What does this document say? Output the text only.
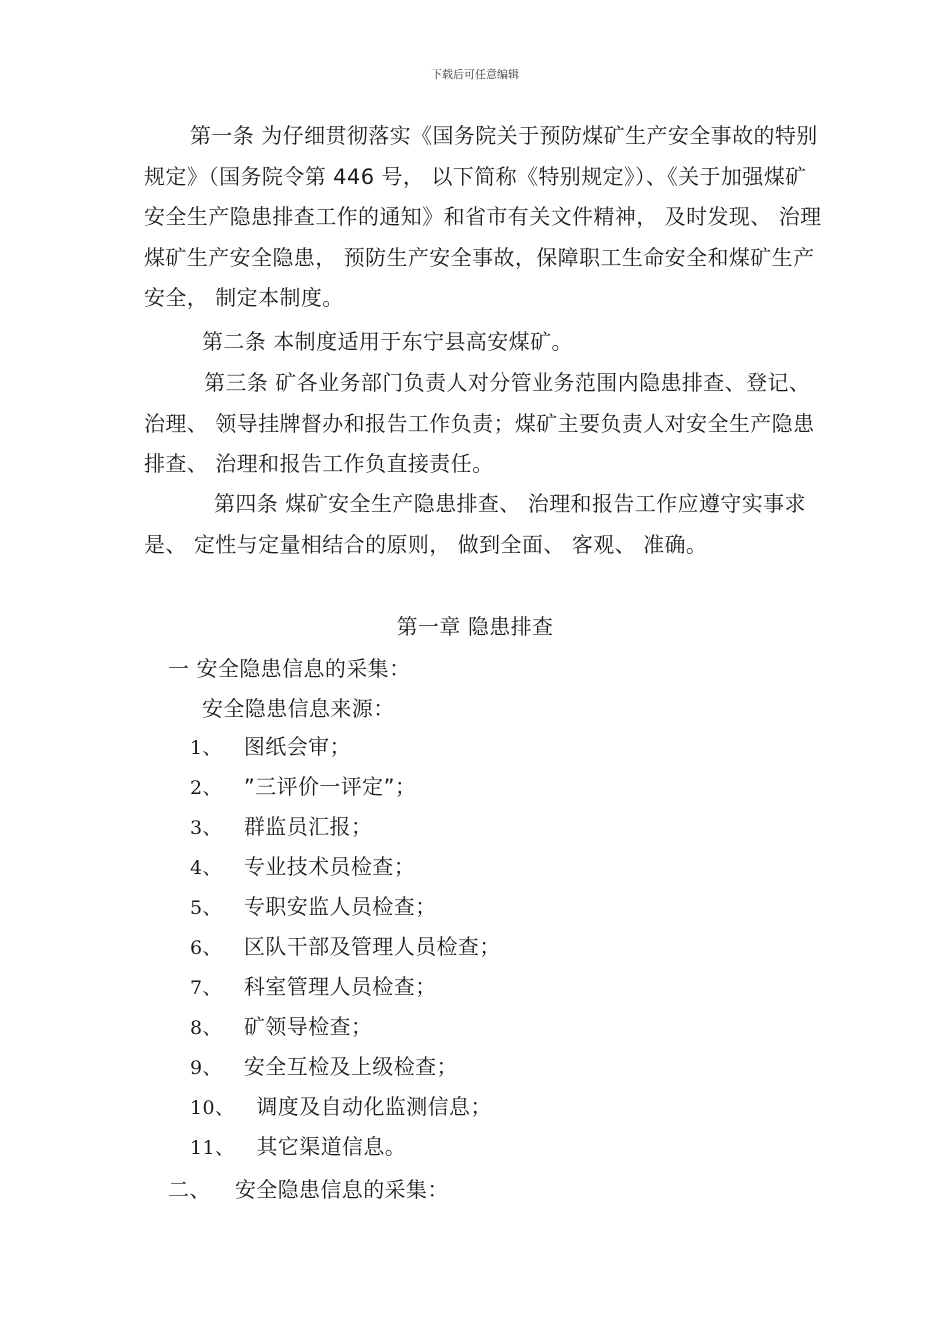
下载后可任意编辑

第一条 为仔细贯彻落实《国务院关于预防煤矿生产安全事故的特别规定》（国务院令第 446 号， 以下简称《特别规定》）、《关于加强煤矿安全生产隐患排查工作的通知》和省市有关文件精神， 及时发现、 治理煤矿生产安全隐患， 预防生产安全事故，保障职工生命安全和煤矿生产安全， 制定本制度。

第二条 本制度适用于东宁县高安煤矿。

第三条 矿各业务部门负责人对分管业务范围内隐患排查、登记、 治理、 领导挂牌督办和报告工作负责；煤矿主要负责人对安全生产隐患排查、 治理和报告工作负直接责任。

第四条 煤矿安全生产隐患排查、 治理和报告工作应遵守实事求是、 定性与定量相结合的原则， 做到全面、 客观、 准确。

第一章 隐患排查
一 安全隐患信息的采集：
安全隐患信息来源：
1、 图纸会审；
2、 ”三评价一评定”；
3、 群监员汇报；
4、 专业技术员检查；
5、 专职安监人员检查；
6、 区队干部及管理人员检查；
7、 科室管理人员检查；
8、 矿领导检查；
9、 安全互检及上级检查；
10、 调度及自动化监测信息；
11、 其它渠道信息。
二、 安全隐患信息的采集：
